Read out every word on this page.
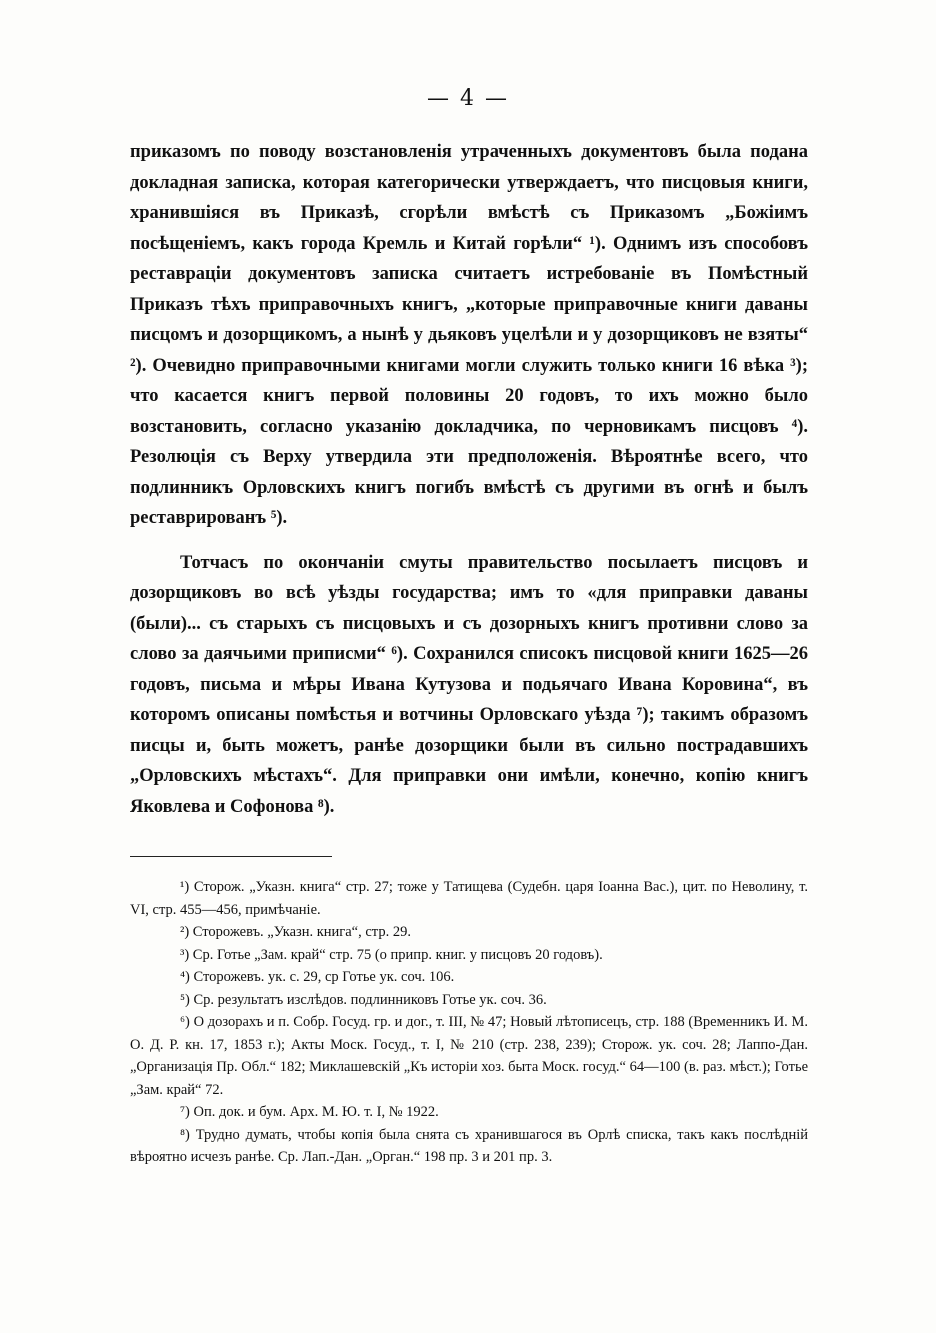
— 4 —

приказомъ по поводу возстановленія утраченныхъ документовъ была подана докладная записка, которая категорически утверждаетъ, что писцовыя книги, хранившіяся въ Приказѣ, сгорѣли вмѣстѣ съ Приказомъ „Божіимъ посѣщеніемъ, какъ города Кремль и Китай горѣли“ ¹). Однимъ изъ способовъ реставраціи документовъ записка считаетъ истребованіе въ Помѣстный Приказъ тѣхъ приправочныхъ книгъ, „которые приправочные книги даваны писцомъ и дозорщикомъ, а нынѣ у дьяковъ уцелѣли и у дозорщиковъ не взяты“ ²). Очевидно приправочными книгами могли служить только книги 16 вѣка ³); что касается книгъ первой половины 20 годовъ, то ихъ можно было возстановить, согласно указанію докладчика, по черновикамъ писцовъ ⁴). Резолюція съ Верху утвердила эти предположенія. Вѣроятнѣе всего, что подлинникъ Орловскихъ книгъ погибъ вмѣстѣ съ другими въ огнѣ и былъ реставрированъ ⁵).

Тотчасъ по окончаніи смуты правительство посылаетъ писцовъ и дозорщиковъ во всѣ уѣзды государства; имъ то «для приправки даваны (были)... съ старыхъ съ писцовыхъ и съ дозорныхъ книгъ противни слово за слово за даячьими приписми“ ⁶). Сохранился списокъ писцовой книги 1625—26 годовъ, письма и мѣры Ивана Кутузова и подьячаго Ивана Коровина“, въ которомъ описаны помѣстья и вотчины Орловскаго уѣзда ⁷); такимъ образомъ писцы и, быть можетъ, ранѣе дозорщики были въ сильно пострадавшихъ „Орловскихъ мѣстахъ“. Для приправки они имѣли, конечно, копію книгъ Яковлева и Софонова ⁸).

¹) Сторож. „Указн. книга“ стр. 27; тоже у Татищева (Судебн. царя Іоанна Вас.), цит. по Неволину, т. VI, стр. 455—456, примѣчаніе.

²) Сторожевъ. „Указн. книга“, стр. 29.

³) Ср. Готье „Зам. край“ стр. 75 (о припр. книг. у писцовъ 20 годовъ).

⁴) Сторожевъ. ук. с. 29, ср Готье ук. соч. 106.

⁵) Ср. результатъ изслѣдов. подлинниковъ Готье ук. соч. 36.

⁶) О дозорахъ и п. Собр. Госуд. гр. и дог., т. III, № 47; Новый лѣтописецъ, стр. 188 (Временникъ И. М. О. Д. Р. кн. 17, 1853 г.); Акты Моск. Госуд., т. I, № 210 (стр. 238, 239); Сторож. ук. соч. 28; Лаппо-Дан. „Организація Пр. Обл.“ 182; Миклашевскій „Къ исторіи хоз. быта Моск. госуд.“ 64—100 (в. раз. мѣст.); Готье „Зам. край“ 72.

⁷) Оп. док. и бум. Арх. М. Ю. т. I, № 1922.

⁸) Трудно думать, чтобы копія была снята съ хранившагося въ Орлѣ списка, такъ какъ послѣдній вѣроятно исчезъ ранѣе. Ср. Лап.-Дан. „Орган.“ 198 пр. 3 и 201 пр. 3.
